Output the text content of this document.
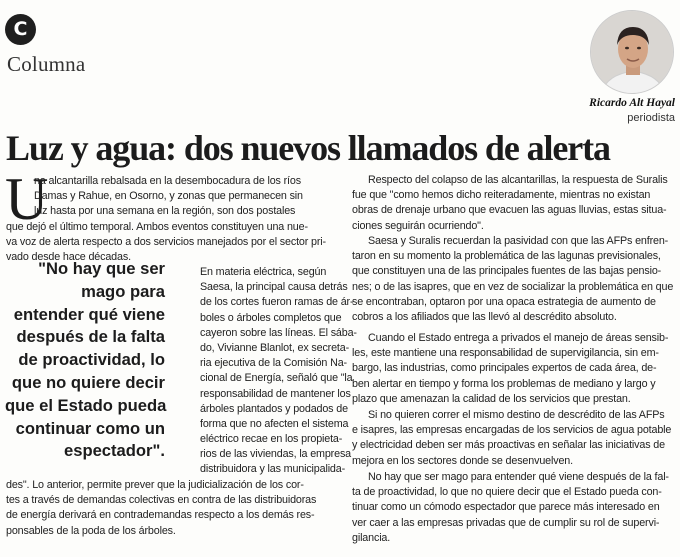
C
Columna
Ricardo Alt Hayal
periodista
Luz y agua: dos nuevos llamados de alerta
U
na alcantarilla rebalsada en la desembocadura de los ríos
Damas y Rahue, en Osorno, y zonas que permanecen sin
luz hasta por una semana en la región, son dos postales
que dejó el último temporal. Ambos eventos constituyen una nue-
va voz de alerta respecto a dos servicios manejados por el sector pri-
vado desde hace décadas.
"No hay que ser
mago para
entender qué viene
después de la falta
de proactividad, lo
que no quiere decir
que el Estado pueda
continuar como un
espectador".
En materia eléctrica, según
Saesa, la principal causa detrás
de los cortes fueron ramas de ár-
boles o árboles completos que
cayeron sobre las líneas. El sába-
do, Vivianne Blanlot, ex secreta-
ria ejecutiva de la Comisión Na-
cional de Energía, señaló que "la
responsabilidad de mantener los
árboles plantados y podados de
forma que no afecten el sistema
eléctrico recae en los propieta-
rios de las viviendas, la empresa
distribuidora y las municipalida-
des". Lo anterior, permite prever que la judicialización de los cor-
tes a través de demandas colectivas en contra de las distribuidoras
de energía derivará en contrademandas respecto a los demás res-
ponsables de la poda de los árboles.
Respecto del colapso de las alcantarillas, la respuesta de Suralis
fue que "como hemos dicho reiteradamente, mientras no existan
obras de drenaje urbano que evacuen las aguas lluvias, estas situa-
ciones seguirán ocurriendo".
Saesa y Suralis recuerdan la pasividad con que las AFPs enfren-
taron en su momento la problemática de las lagunas previsionales,
que constituyen una de las principales fuentes de las bajas pensio-
nes; o de las isapres, que en vez de socializar la problemática en que
se encontraban, optaron por una opaca estrategia de aumento de
cobros a los afiliados que las llevó al descrédito absoluto.
Cuando el Estado entrega a privados el manejo de áreas sensib-
les, este mantiene una responsabilidad de supervigilancia, sin em-
bargo, las industrias, como principales expertos de cada área, de-
ben alertar en tiempo y forma los problemas de mediano y largo y
plazo que amenazan la calidad de los servicios que prestan.
Si no quieren correr el mismo destino de descrédito de las AFPs
e isapres, las empresas encargadas de los servicios de agua potable
y electricidad deben ser más proactivas en señalar las iniciativas de
mejora en los sectores donde se desenvuelven.
No hay que ser mago para entender qué viene después de la fal-
ta de proactividad, lo que no quiere decir que el Estado pueda con-
tinuar como un cómodo espectador que parece más interesado en
ver caer a las empresas privadas que de cumplir su rol de supervi-
gilancia.
